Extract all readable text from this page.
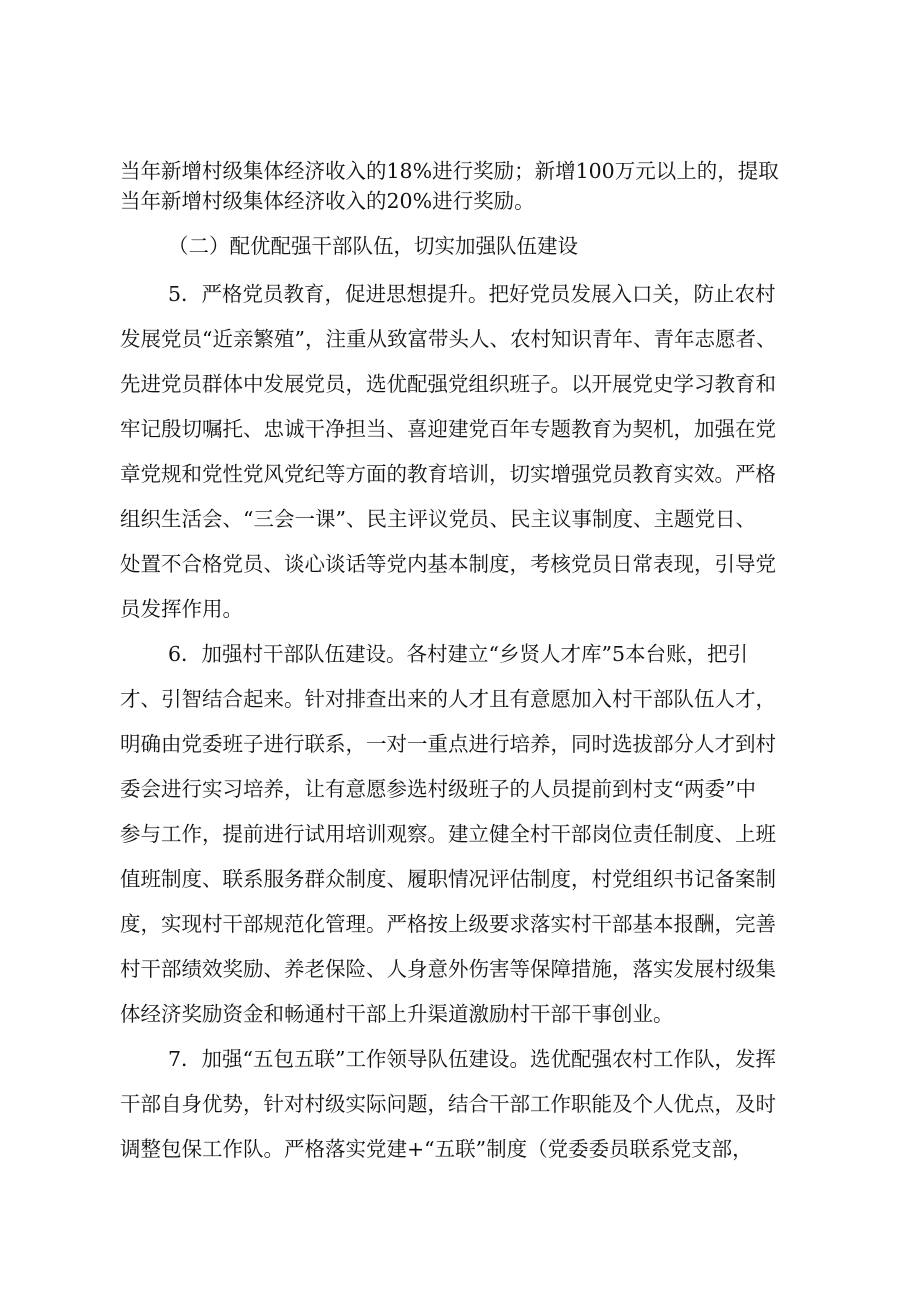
当年新增村级集体经济收入的18%进行奖励；新增100万元以上的，提取
当年新增村级集体经济收入的20%进行奖励。
（二）配优配强干部队伍，切实加强队伍建设
5．严格党员教育，促进思想提升。把好党员发展入口关，防止农村
发展党员“近亲繁殖”，注重从致富带头人、农村知识青年、青年志愿者、
先进党员群体中发展党员，选优配强党组织班子。以开展党史学习教育和
牢记殷切嘱托、忠诚干净担当、喜迎建党百年专题教育为契机，加强在党
章党规和党性党风党纪等方面的教育培训，切实增强党员教育实效。严格
组织生活会、“三会一课”、民主评议党员、民主议事制度、主题党日、
处置不合格党员、谈心谈话等党内基本制度，考核党员日常表现，引导党
员发挥作用。
6．加强村干部队伍建设。各村建立“乡贤人才库”5本台账，把引
才、引智结合起来。针对排查出来的人才且有意愿加入村干部队伍人才，
明确由党委班子进行联系，一对一重点进行培养，同时选拔部分人才到村
委会进行实习培养，让有意愿参选村级班子的人员提前到村支“两委”中
参与工作，提前进行试用培训观察。建立健全村干部岗位责任制度、上班
值班制度、联系服务群众制度、履职情况评估制度，村党组织书记备案制
度，实现村干部规范化管理。严格按上级要求落实村干部基本报酬，完善
村干部绩效奖励、养老保险、人身意外伤害等保障措施，落实发展村级集
体经济奖励资金和畅通村干部上升渠道激励村干部干事创业。
7．加强“五包五联”工作领导队伍建设。选优配强农村工作队，发挥
干部自身优势，针对村级实际问题，结合干部工作职能及个人优点，及时
调整包保工作队。严格落实党建+“五联”制度（党委委员联系党支部，
